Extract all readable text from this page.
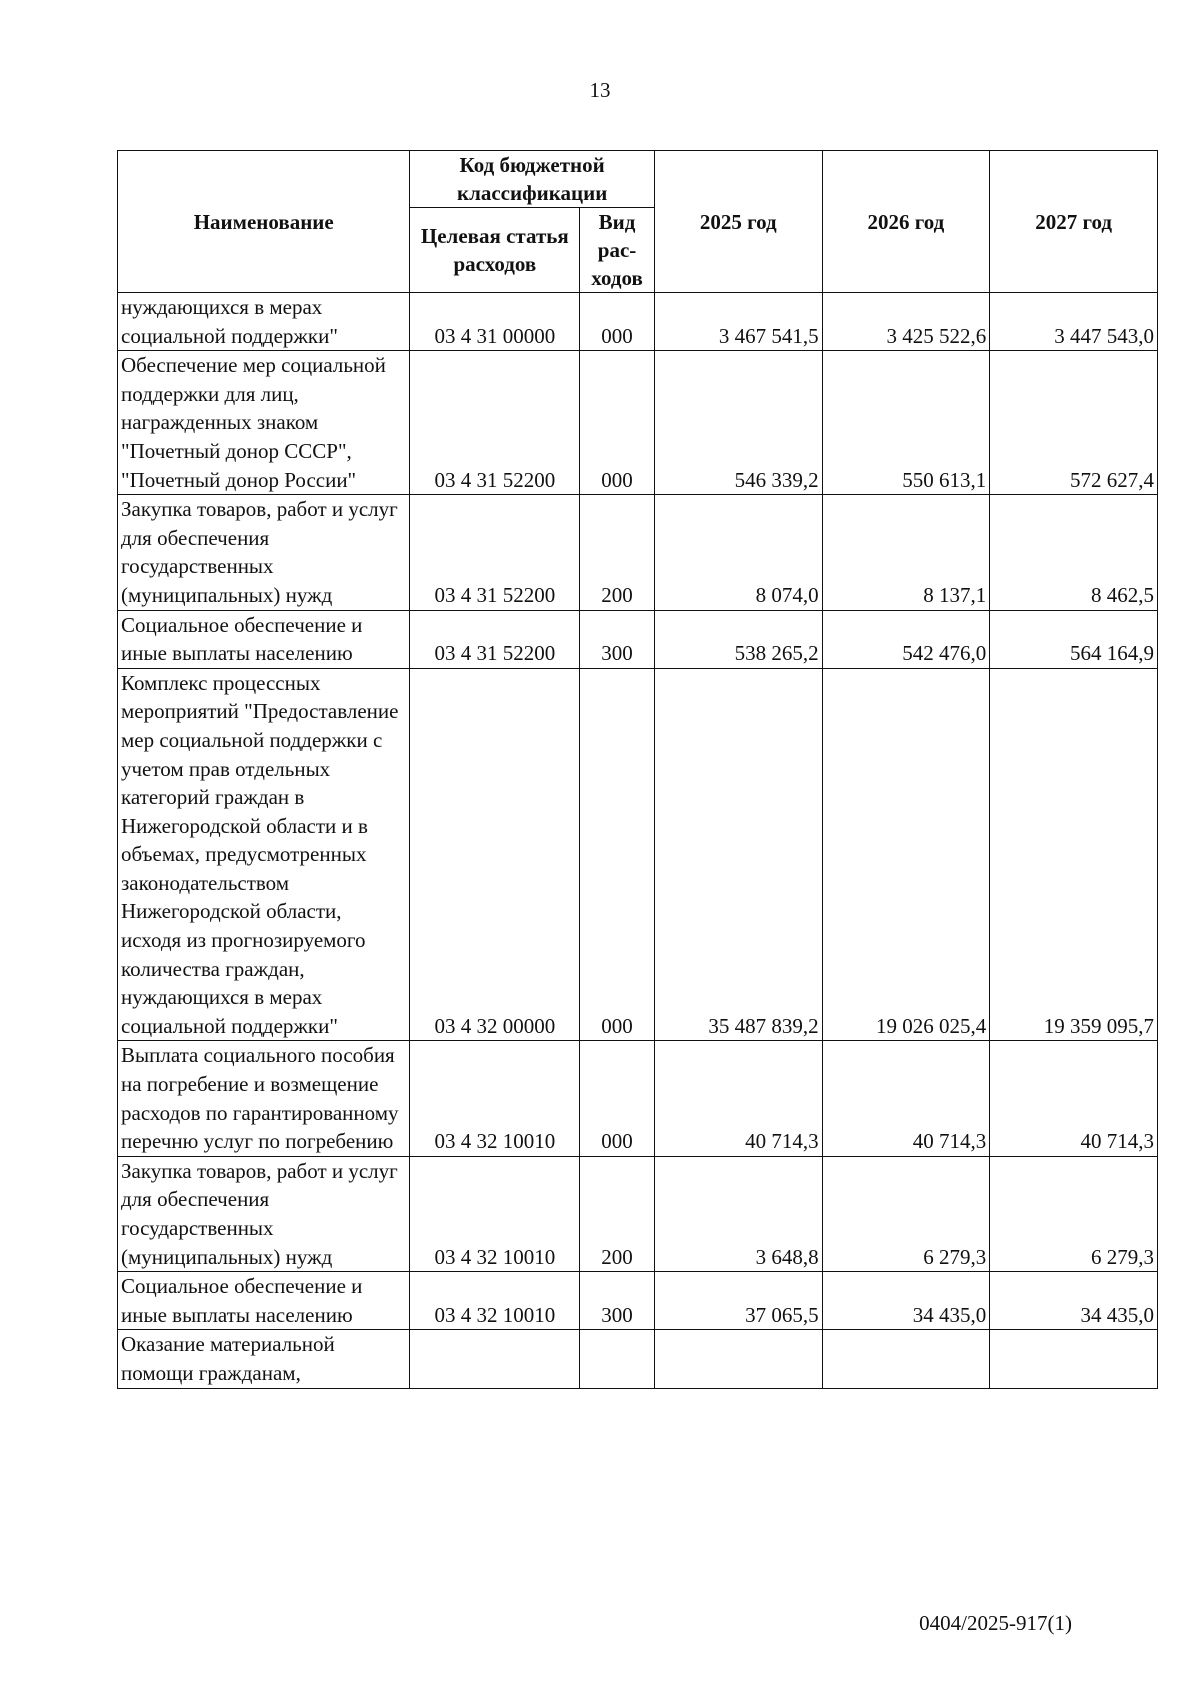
13
Наименование	Код бюджетной классификации		2025 год	2026 год	2027 год
	Целевая статья расходов	Вид рас-ходов			
нуждающихся в мерах социальной поддержки"	03 4 31 00000	000	3 467 541,5	3 425 522,6	3 447 543,0
Обеспечение мер социальной поддержки для лиц, награжденных знаком "Почетный донор СССР", "Почетный донор России"	03 4 31 52200	000	546 339,2	550 613,1	572 627,4
Закупка товаров, работ и услуг для обеспечения государственных (муниципальных) нужд	03 4 31 52200	200	8 074,0	8 137,1	8 462,5
Социальное обеспечение и иные выплаты населению	03 4 31 52200	300	538 265,2	542 476,0	564 164,9
Комплекс процессных мероприятий "Предоставление мер социальной поддержки с учетом прав отдельных категорий граждан в Нижегородской области и в объемах, предусмотренных законодательством Нижегородской области, исходя из прогнозируемого количества граждан, нуждающихся в мерах социальной поддержки"	03 4 32 00000	000	35 487 839,2	19 026 025,4	19 359 095,7
Выплата социального пособия на погребение и возмещение расходов по гарантированному перечню услуг по погребению	03 4 32 10010	000	40 714,3	40 714,3	40 714,3
Закупка товаров, работ и услуг для обеспечения государственных (муниципальных) нужд	03 4 32 10010	200	3 648,8	6 279,3	6 279,3
Социальное обеспечение и иные выплаты населению	03 4 32 10010	300	37 065,5	34 435,0	34 435,0
Оказание материальной помощи гражданам,					
0404/2025-917(1)
